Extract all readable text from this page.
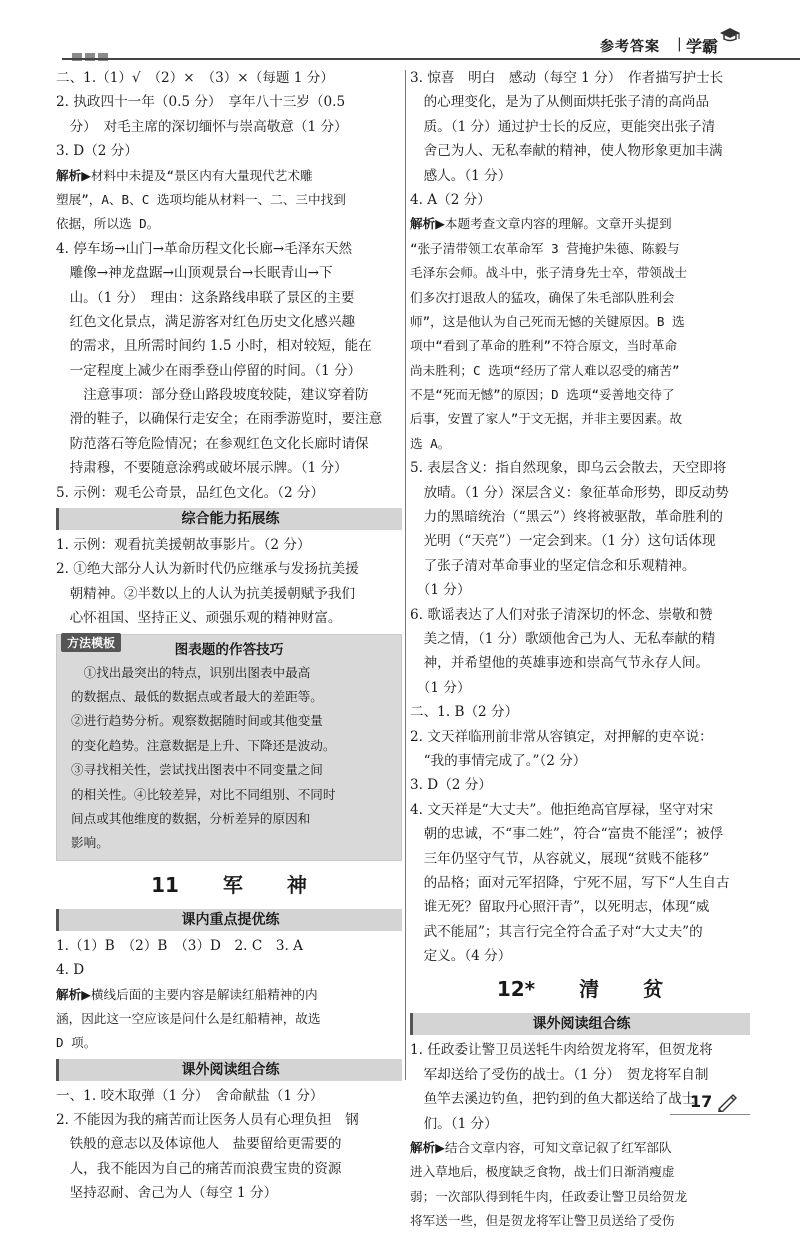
参考答案 | 学霸
二、1.（1）√　（2）×　（3）×（每题 1 分）
2. 执政四十一年（0.5 分）　享年八十三岁（0.5
　分）　对毛主席的深切缅怀与崇高敬意（1 分）
3. D（2 分）
解析▶材料中未提及“景区内有大量现代艺术雕
塑展”，A、B、C 选项均能从材料一、二、三中找到
依据，所以选 D。
4. 停车场→山门→革命历程文化长廊→毛泽东天然
　雕像→神龙盘踞→山顶观景台→长眠青山→下
　山。（1 分）　理由：这条路线串联了景区的主要
　红色文化景点，满足游客对红色历史文化感兴趣
　的需求，且所需时间约 1.5 小时，相对较短，能在
　一定程度上减少在雨季登山停留的时间。（1 分）
　　注意事项：部分登山路段坡度较陡，建议穿着防
　滑的鞋子，以确保行走安全；在雨季游览时，要注意
　防范落石等危险情况；在参观红色文化长廊时请保
　持肃穆，不要随意涂鸦或破坏展示牌。（1 分）
5. 示例：观毛公奇景，品红色文化。（2 分）
综合能力拓展练
1. 示例：观看抗美援朝故事影片。（2 分）
2. ①绝大部分人认为新时代仍应继承与发扬抗美援
　朝精神。②半数以上的人认为抗美援朝赋予我们
　心怀祖国、坚持正义、顽强乐观的精神财富。
方法模板	图表题的作答技巧
　①找出最突出的特点，识别出图表中最高
的数据点、最低的数据点或者最大的差距等。
②进行趋势分析。观察数据随时间或其他变量
的变化趋势。注意数据是上升、下降还是波动。
③寻找相关性，尝试找出图表中不同变量之间
的相关性。④比较差异，对比不同组别、不同时
间点或其他维度的数据，分析差异的原因和
影响。
11 军 神
课内重点提优练
1.（1）B　（2）B　（3）D　2. C　3. A
4. D
解析▶横线后面的主要内容是解读红船精神的内
涵，因此这一空应该是问什么是红船精神，故选
D 项。
课外阅读组合练
一、1. 咬木取弹（1 分）　舍命献盐（1 分）
2. 不能因为我的痛苦而让医务人员有心理负担　钢
　铁般的意志以及体谅他人　盐要留给更需要的
　人，我不能因为自己的痛苦而浪费宝贵的资源
　坚持忍耐、舍己为人（每空 1 分）
3. 惊喜　明白　感动（每空 1 分）　作者描写护士长
　的心理变化，是为了从侧面烘托张子清的高尚品
　质。（1 分）通过护士长的反应，更能突出张子清
　舍己为人、无私奉献的精神，使人物形象更加丰满
　感人。（1 分）
4. A（2 分）
解析▶本题考查文章内容的理解。文章开头提到
“张子清带领工农革命军 3 营掩护朱德、陈毅与
毛泽东会师。战斗中，张子清身先士卒，带领战士
们多次打退敌人的猛攻，确保了朱毛部队胜利会
师”，这是他认为自己死而无憾的关键原因。B 选
项中“看到了革命的胜利”不符合原文，当时革命
尚未胜利；C 选项“经历了常人难以忍受的痛苦”
不是“死而无憾”的原因；D 选项“妥善地交待了
后事，安置了家人”于文无据，并非主要因素。故
选 A。
5. 表层含义：指自然现象，即乌云会散去，天空即将
　放晴。（1 分）深层含义：象征革命形势，即反动势
　力的黑暗统治（“黑云”）终将被驱散，革命胜利的
　光明（“天亮”）一定会到来。（1 分）这句话体现
　了张子清对革命事业的坚定信念和乐观精神。
　（1 分）
6. 歌谣表达了人们对张子清深切的怀念、崇敬和赞
　美之情，（1 分）歌颂他舍己为人、无私奉献的精
　神，并希望他的英雄事迹和崇高气节永存人间。
　（1 分）
二、1. B（2 分）
2. 文天祥临刑前非常从容镇定，对押解的吏卒说：
　“我的事情完成了。”（2 分）
3. D（2 分）
4. 文天祥是“大丈夫”。他拒绝高官厚禄，坚守对宋
　朝的忠诚，不“事二姓”，符合“富贵不能淫”；被俘
　三年仍坚守气节，从容就义，展现“贫贱不能移”
　的品格；面对元军招降，宁死不屈，写下“人生自古
　谁无死？留取丹心照汗青”，以死明志，体现“威
　武不能屈”；其言行完全符合孟子对“大丈夫”的
　定义。（4 分）
12* 清 贫
课外阅读组合练
1. 任政委让警卫员送牦牛肉给贺龙将军，但贺龙将
　军却送给了受伤的战士。（1 分）　贺龙将军自制
　鱼竿去溪边钓鱼，把钓到的鱼大都送给了战士
　们。（1 分）
解析▶结合文章内容，可知文章记叙了红军部队
进入草地后，极度缺乏食物，战士们日渐消瘦虚
弱；一次部队得到牦牛肉，任政委让警卫员给贺龙
将军送一些，但是贺龙将军让警卫员送给了受伤
17
